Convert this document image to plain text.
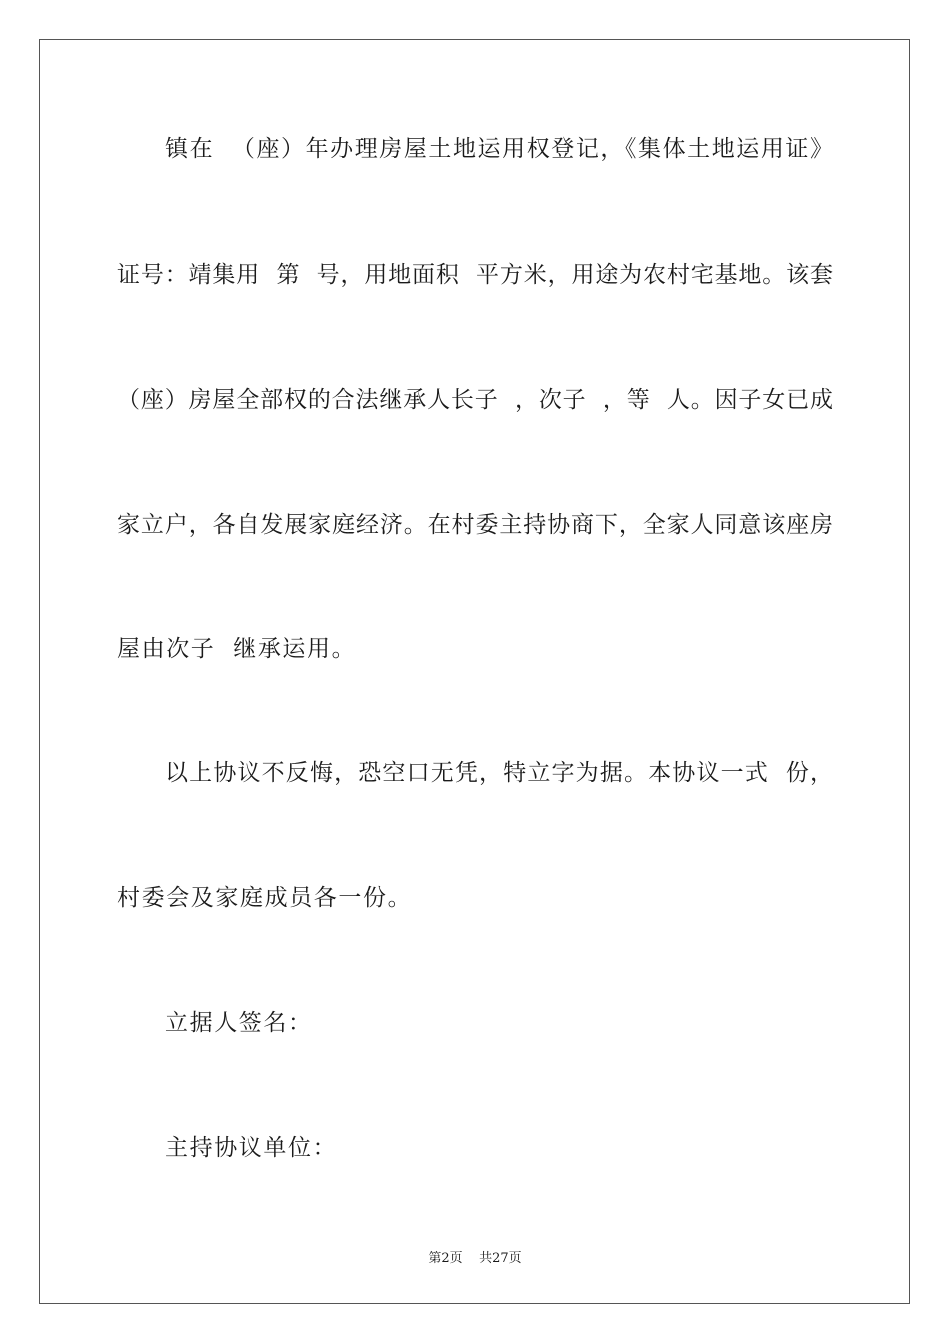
镇在  （座）年办理房屋土地运用权登记，《集体土地运用证》
证号：靖集用  第  号，用地面积  平方米，用途为农村宅基地。该套
（座）房屋全部权的合法继承人长子  ，次子  ，等  人。因子女已成
家立户，各自发展家庭经济。在村委主持协商下，全家人同意该座房
屋由次子  继承运用。
以上协议不反悔，恐空口无凭，特立字为据。本协议一式  份，
村委会及家庭成员各一份。
立据人签名：
主持协议单位：
第2页    共27页
